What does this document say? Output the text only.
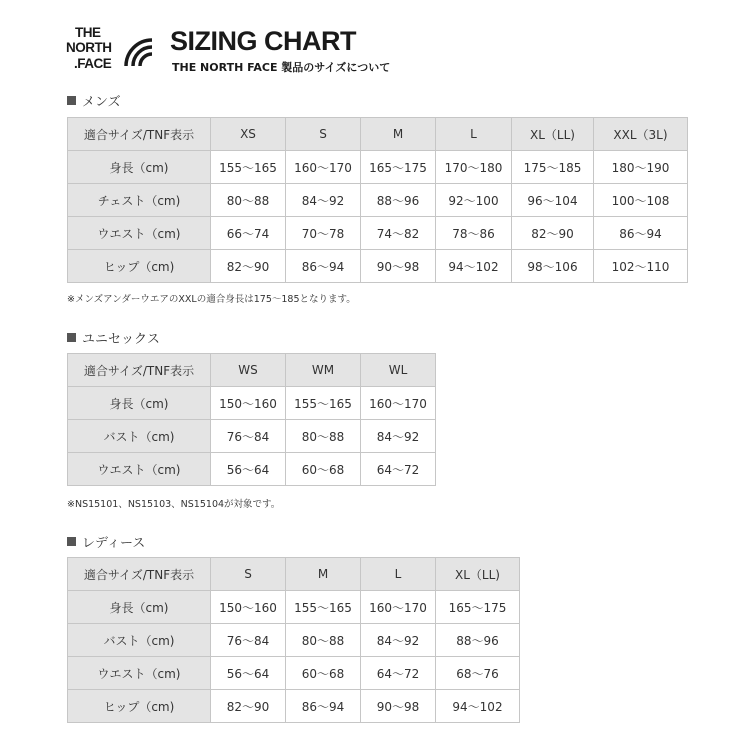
THE
NORTH
.FACE
SIZING CHART
THE NORTH FACE 製品のサイズについて
メンズ
適合サイズ/TNF表示	XS	S	M	L	XL（LL)	XXL（3L)
身長（cm)	155～165	160～170	165～175	170～180	175～185	180～190
チェスト（cm)	80～88	84～92	88～96	92～100	96～104	100～108
ウエスト（cm)	66～74	70～78	74～82	78～86	82～90	86～94
ヒップ（cm)	82～90	86～94	90～98	94～102	98～106	102～110
※メンズアンダーウエアのXXLの適合身長は175～185となります。
ユニセックス
適合サイズ/TNF表示	WS	WM	WL
身長（cm)	150～160	155～165	160～170
バスト（cm)	76～84	80～88	84～92
ウエスト（cm)	56～64	60～68	64～72
※NS15101、NS15103、NS15104が対象です。
レディース
適合サイズ/TNF表示	S	M	L	XL（LL)
身長（cm)	150～160	155～165	160～170	165～175
バスト（cm)	76～84	80～88	84～92	88～96
ウエスト（cm)	56～64	60～68	64～72	68～76
ヒップ（cm)	82～90	86～94	90～98	94～102
